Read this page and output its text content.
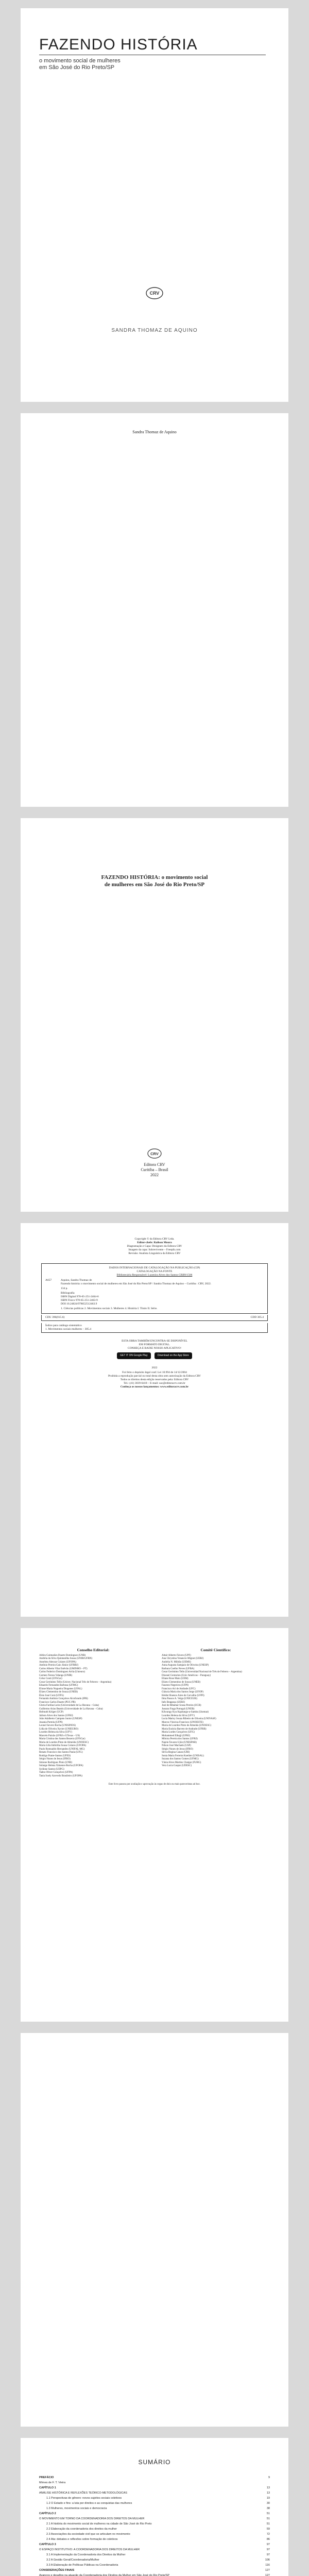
FAZENDO HISTÓRIA
o movimento social de mulheres
em São José do Rio Preto/SP
CRV
SANDRA THOMAZ DE AQUINO
Sandra Thomaz de Aquino
FAZENDO HISTÓRIA: o movimento social
de mulheres em São José do Rio Preto/SP
CRV
Editora CRV
Curitiba – Brasil
2022
Copyright © da Editora CRV Ltda.
Editor-chefe: Railson Moura
Diagramação e Capa: Designers da Editora CRV
Imagem da capa: Sobrevivente – Freepik.com
Revisão: Analista Linguística da Editora CRV
DADOS INTERNACIONAIS DE CATALOGAÇÃO NA PUBLICAÇÃO (CIP)
CATALOGAÇÃO NA FONTE
Bibliotecária Responsável: Luzenira Alves dos Santos CRB9/1506
A657	Aquino, Sandra Thomaz de
Fazendo história: o movimento social de mulheres em São José do Rio Preto/SP / Sandra Thomaz de Aquino – Curitiba : CRV, 2022.
134 p.
Bibliografia
ISBN Digital 978-65-251-2464-6
ISBN Físico 978-65-251-2463-9
DOI 10.24824/978652512463.9
1. Ciências políticas 2. Movimentos sociais 3. Mulheres 4. História I. Título II. Série.
CDU 396(815.6)	CDD 305.4
Índice para catálogo sistemático
1. Movimentos sociais mulheres – 305.4
ESTA OBRA TAMBÉM ENCONTRA-SE DISPONÍVEL
EM FORMATO DIGITAL.
CONHEÇA E BAIXE NOSSO APLICATIVO!
GET IT ON Google Play	Download on the App Store
2022
Foi feito o depósito legal conf. Lei 10.994 de 14/12/2004
Proibida a reprodução parcial ou total desta obra sem autorização da Editora CRV
Todos os direitos desta edição reservados pela: Editora CRV
Tel.: (41) 3039-6418 – E-mail: sac@editoracrv.com.br
Conheça os nossos lançamentos: www.editoracrv.com.br
Conselho Editorial:
Aldira Guimarães Duarte Domínguez (UNB)
Andréia da Silva Quintanilha Sousa (UNIR/UFRN)
Anselmo Alencar Colares (UFOPA)
Antônio Pereira Gaio Júnior (UFRRJ)
Carlos Alberto Vilar Estêvão (UMINHO – PT)
Carlos Federico Dominguez Avila (Unieuro)
Carmen Tereza Velanga (UNIR)
Celso Conti (UFSCar)
Cesar Gerónimo Tello (Univer. Nacional Três de Febrero – Argentina)
Eduardo Fernandes Barbosa (UFMG)
Elione Maria Nogueira Diogenes (UFAL)
Elizeu Clementino de Souza (UNEB)
Élsio José Corá (UFFS)
Fernando Antônio Gonçalves Alcoforado (IPB)
Francisco Carlos Duarte (PUC-PR)
Gloria Fariñas León (Universidade de La Havana – Cuba)
Guillermo Arias Beatón (Universidade de La Havana – Cuba)
Helmuth Krüger (UCP)
Jailson Alves dos Santos (UFRJ)
João Adalberto Campato Junior (UNESP)
Josania Portela (UFPI)
Leonel Severo Rocha (UNISINOS)
Lídia de Oliveira Xavier (UNIEURO)
Lourdes Helena da Silva (UFV)
Marcelo Paixão (UFRJ e UTexas – US)
Maria Cristina dos Santos Bezerra (UFSCar)
Maria de Lourdes Pinto de Almeida (UNOESC)
Maria Lília Imbiriba Sousa Colares (UFOPA)
Paulo Romualdo Hernandes (UNIFAL-MG)
Renato Francisco dos Santos Paula (UFG)
Rodrigo Pratte-Santos (UFES)
Sérgio Nunes de Jesus (IFRO)
Simone Rodrigues Pinto (UNB)
Solange Helena Ximenes-Rocha (UFOPA)
Sydione Santos (UEPG)
Tadeu Oliver Gonçalves (UFPA)
Tania Suely Azevedo Brasileiro (UFOPA)
Comitê Científico:
Altair Alberto Fávero (UPF)
Ana Chrystina Venancio Mignot (UERJ)
Andréia N. Militão (UEMS)
Anna Augusta Sampaio de Oliveira (UNESP)
Barbara Coelho Neves (UFBA)
Cesar Gerónimo Tello (Universidad Nacional de Três de Febrero – Argentina)
Diosnel Centurion (Univ Américas – Paraguay)
Eliane Rose Maio (UEM)
Elizeu Clementino de Souza (UNEB)
Fauston Negreiros (UFPI)
Francisco Ari de Andrade (UFC)
Gláucia Maria dos Santos Jorge (UFOP)
Helder Buenos Aires de Carvalho (UFPI)
Ilma Passos A. Veiga (UNICEUB)
Inês Bragança (UERJ)
José de Ribamar Sousa Pereira (UCB)
Jussara Fraga Portugal (UNEB)
Kilwangy Kya Kapitango-a-Samba (Unemat)
Lourdes Helena da Silva (UFV)
Lucia Marisy Souza Ribeiro de Oliveira (UNIVASF)
Marcos Vinicius Francisco (UNOESTE)
Maria de Lourdes Pinto de Almeida (UNOESC)
Maria Eurácia Barreto de Andrade (UFRB)
Maria Lurdes Gonçalves (UFG)
Mohammed Elhajji (UFRJ)
Mônica Pereira dos Santos (UFRJ)
Najela Tavares Ujiie (UNESPAR)
Nilson José Machado (USP)
Sérgio Nunes de Jesus (IFRO)
Silvia Regina Canan (URI)
Sonia Maria Ferreira Koehler (UNISAL)
Suzana dos Santos Gomes (UFMG)
Vânia Alves Martins Chaigar (FURG)
Vera Lucia Gaspar (UDESC)
Este livro passou por avaliação e aprovação às cegas de dois ou mais pareceristas ad hoc.
SUMÁRIO
PREFÁCIO	9
Mirnes de F. T. Vieira
CAPÍTULO 1	13
ANÁLISE HISTÓRICA E REFLEXÕES TEÓRICO-METODOLÓGICAS	13
1.1 Perspectivas de gênero: novos sujeitos sociais coletivos	19
1.2 O Estado e fins: a luta por direitos e as conquistas das mulheres	30
1.3 Mulheres, movimentos sociais e democracia	38
CAPÍTULO 2	51
O MOVIMENTO EM TORNO DA COORDENADORIA DOS DIREITOS DA MULHER	51
2.1 A história do movimento social de mulheres na cidade de São José do Rio Preto	51
2.2 Elaboração da coordenadoria dos direitos da mulher	59
2.3 Associações da sociedade civil que se articulam no movimento	72
2.4 Ata: debates e reflexões sobre formação de coletivos	86
CAPÍTULO 3	97
O ESPAÇO INSTITUTIVO: A COORDENADORIA DOS DIREITOS DA MULHER	97
3.1 A Implementação da Coordenadoria dos Direitos da Mulher	97
3.2 A Gestão Geral/Coordenadoria/Mulher	106
3.3 A Elaboração de Políticas Públicas na Coordenadoria	116
CONSIDERAÇÕES FINAIS	127
Avanços e desafios na atuação da Coordenadoria dos Direitos da Mulher em São José do Rio Preto/SP	127
